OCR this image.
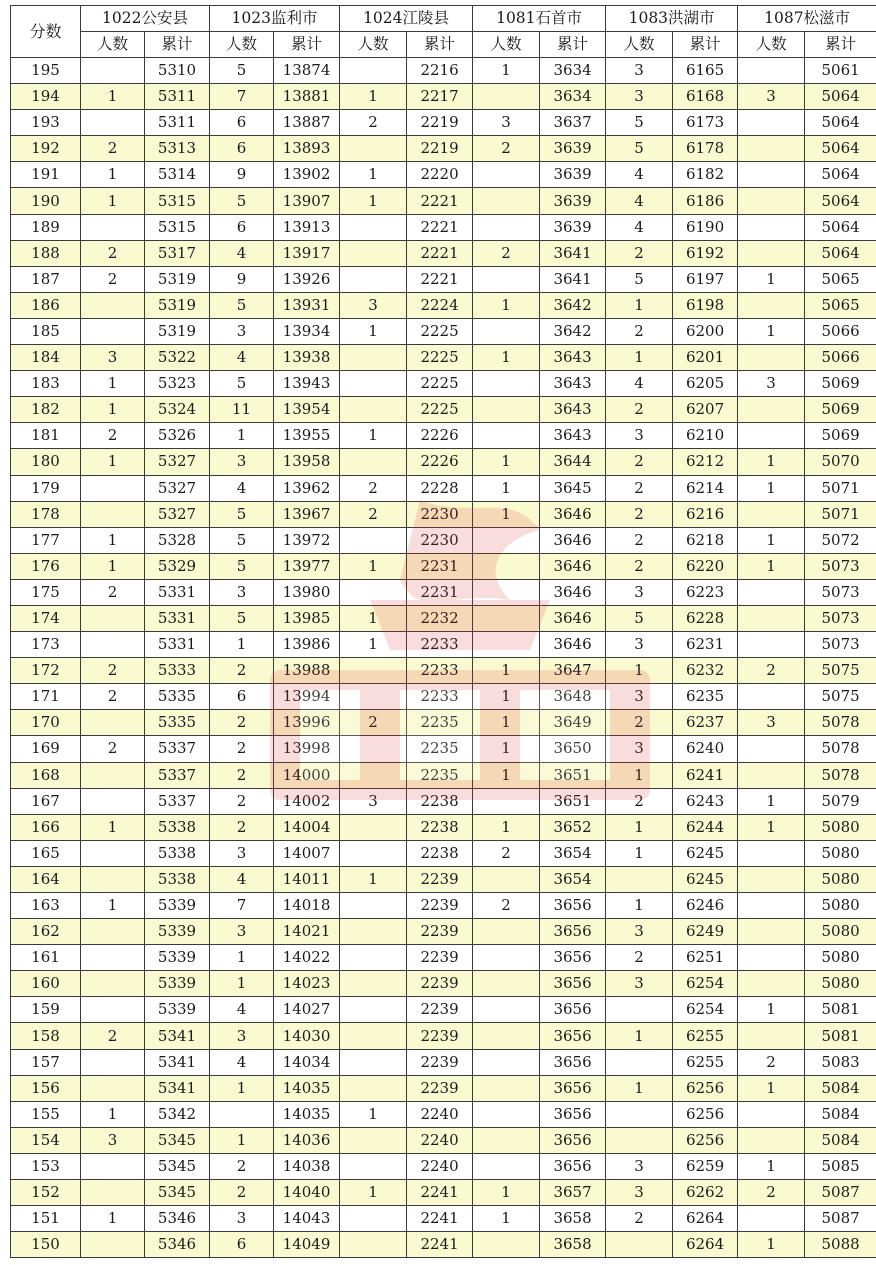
分数	1022公安县		1023监利市		1024江陵县		1081石首市		1083洪湖市		1087松滋市	
	人数	累计	人数	累计	人数	累计	人数	累计	人数	累计	人数	累计
195		5310	5	13874		2216	1	3634	3	6165		5061
194	1	5311	7	13881	1	2217		3634	3	6168	3	5064
193		5311	6	13887	2	2219	3	3637	5	6173		5064
192	2	5313	6	13893		2219	2	3639	5	6178		5064
191	1	5314	9	13902	1	2220		3639	4	6182		5064
190	1	5315	5	13907	1	2221		3639	4	6186		5064
189		5315	6	13913		2221		3639	4	6190		5064
188	2	5317	4	13917		2221	2	3641	2	6192		5064
187	2	5319	9	13926		2221		3641	5	6197	1	5065
186		5319	5	13931	3	2224	1	3642	1	6198		5065
185		5319	3	13934	1	2225		3642	2	6200	1	5066
184	3	5322	4	13938		2225	1	3643	1	6201		5066
183	1	5323	5	13943		2225		3643	4	6205	3	5069
182	1	5324	11	13954		2225		3643	2	6207		5069
181	2	5326	1	13955	1	2226		3643	3	6210		5069
180	1	5327	3	13958		2226	1	3644	2	6212	1	5070
179		5327	4	13962	2	2228	1	3645	2	6214	1	5071
178		5327	5	13967	2	2230	1	3646	2	6216		5071
177	1	5328	5	13972		2230		3646	2	6218	1	5072
176	1	5329	5	13977	1	2231		3646	2	6220	1	5073
175	2	5331	3	13980		2231		3646	3	6223		5073
174		5331	5	13985	1	2232		3646	5	6228		5073
173		5331	1	13986	1	2233		3646	3	6231		5073
172	2	5333	2	13988		2233	1	3647	1	6232	2	5075
171	2	5335	6	13994		2233	1	3648	3	6235		5075
170		5335	2	13996	2	2235	1	3649	2	6237	3	5078
169	2	5337	2	13998		2235	1	3650	3	6240		5078
168		5337	2	14000		2235	1	3651	1	6241		5078
167		5337	2	14002	3	2238		3651	2	6243	1	5079
166	1	5338	2	14004		2238	1	3652	1	6244	1	5080
165		5338	3	14007		2238	2	3654	1	6245		5080
164		5338	4	14011	1	2239		3654		6245		5080
163	1	5339	7	14018		2239	2	3656	1	6246		5080
162		5339	3	14021		2239		3656	3	6249		5080
161		5339	1	14022		2239		3656	2	6251		5080
160		5339	1	14023		2239		3656	3	6254		5080
159		5339	4	14027		2239		3656		6254	1	5081
158	2	5341	3	14030		2239		3656	1	6255		5081
157		5341	4	14034		2239		3656		6255	2	5083
156		5341	1	14035		2239		3656	1	6256	1	5084
155	1	5342		14035	1	2240		3656		6256		5084
154	3	5345	1	14036		2240		3656		6256		5084
153		5345	2	14038		2240		3656	3	6259	1	5085
152		5345	2	14040	1	2241	1	3657	3	6262	2	5087
151	1	5346	3	14043		2241	1	3658	2	6264		5087
150		5346	6	14049		2241		3658		6264	1	5088
